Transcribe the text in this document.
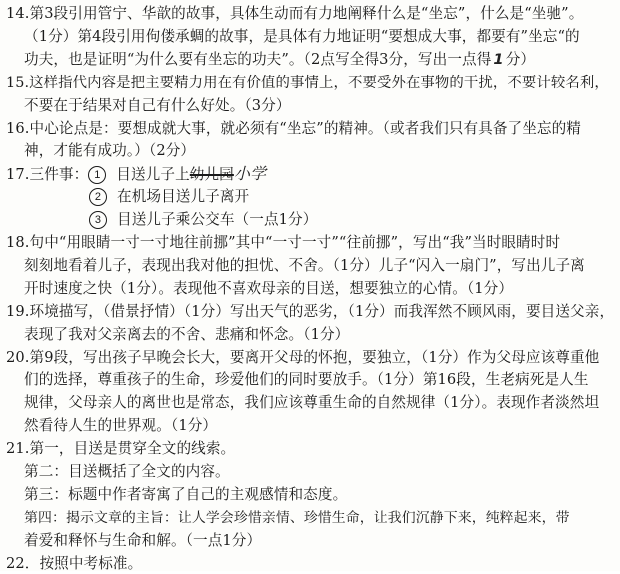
14.第3段引用管宁、华歆的故事，具体生动而有力地阐释什么是“坐忘”，什么是“坐驰”。
（1分）第4段引用佝偻承蜩的故事，是具体有力地证明“要想成大事，都要有”坐忘“的
功夫，也是证明“为什么要有坐忘的功夫”。（2点写全得3分，写出一点得 1 分）
15.这样指代内容是把主要精力用在有价值的事情上，不要受外在事物的干扰，不要计较名利，
不要在于结果对自己有什么好处。（3分）
16.中心论点是：要想成就大事，就必须有“坐忘”的精神。（或者我们只有具备了坐忘的精
神，才能有成功。）（2分）
17.三件事： 1 目送儿子上幼儿园小学
2 在机场目送儿子离开
3 目送儿子乘公交车（一点1分）
18.句中“用眼睛一寸一寸地往前挪”其中“一寸一寸”“往前挪”，写出“我”当时眼睛时时
刻刻地看着儿子，表现出我对他的担忧、不舍。（1分）儿子“闪入一扇门”，写出儿子离
开时速度之快（1分）。表现他不喜欢母亲的目送，想要独立的心情。（1分）
19.环境描写，（借景抒情）（1分）写出天气的恶劣，（1分）而我浑然不顾风雨，要目送父亲，
表现了我对父亲离去的不舍、悲痛和怀念。（1分）
20.第9段，写出孩子早晚会长大，要离开父母的怀抱，要独立，（1分）作为父母应该尊重他
们的选择，尊重孩子的生命，珍爱他们的同时要放手。（1分）第16段，生老病死是人生
规律，父母亲人的离世也是常态，我们应该尊重生命的自然规律（1分）。表现作者淡然坦
然看待人生的世界观。（1分）
21.第一，目送是贯穿全文的线索。
第二：目送概括了全文的内容。
第三：标题中作者寄寓了自己的主观感情和态度。
第四：揭示文章的主旨：让人学会珍惜亲情、珍惜生命，让我们沉静下来，纯粹起来，带
着爱和释怀与生命和解。（一点1分）
22．按照中考标准。
